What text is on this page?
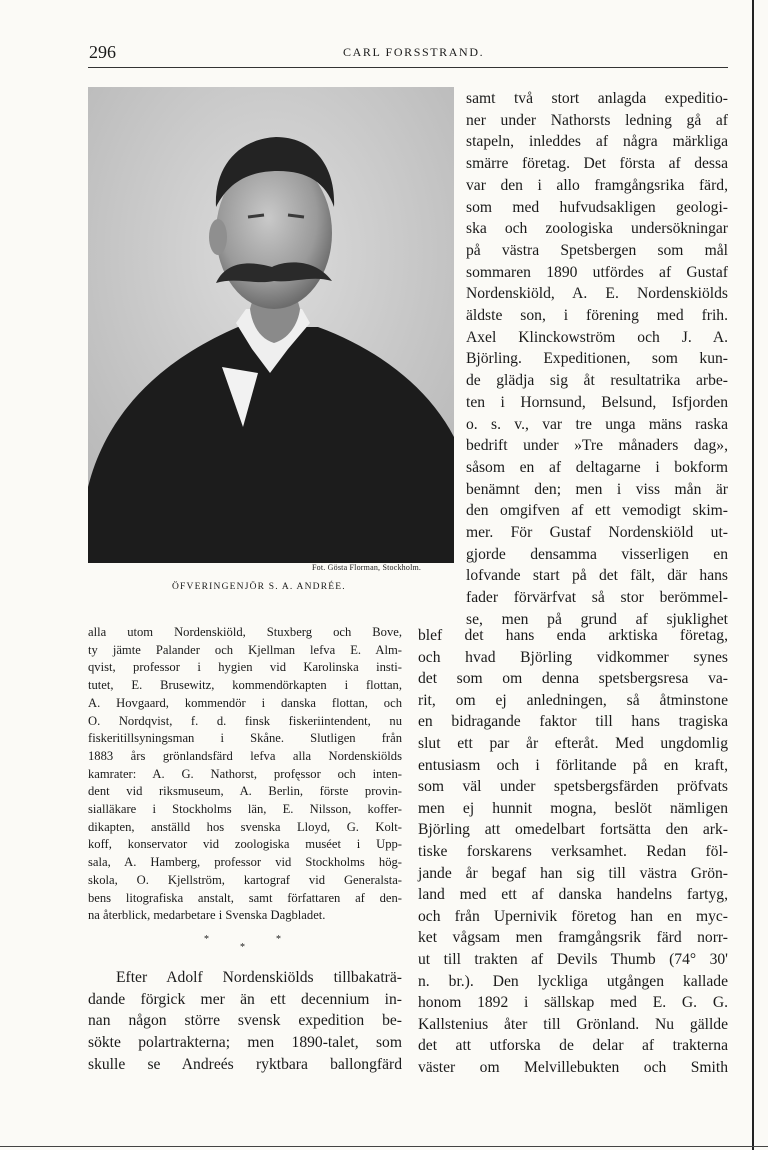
296	CARL FORSSTRAND.
Fot. Gösta Florman, Stockholm.
ÖFVERINGENJÖR S. A. ANDRÉE.
samt två stort anlagda expeditio-
ner under Nathorsts ledning gå af
stapeln, inleddes af några märkliga
smärre företag. Det första af dessa
var den i allo framgångsrika färd,
som med hufvudsakligen geologi-
ska och zoologiska undersökningar
på västra Spetsbergen som mål
sommaren 1890 utfördes af Gustaf
Nordenskiöld, A. E. Nordenskiölds
äldste son, i förening med frih.
Axel Klinckowström och J. A.
Björling. Expeditionen, som kun-
de glädja sig åt resultatrika arbe-
ten i Hornsund, Belsund, Isfjorden
o. s. v., var tre unga mäns raska
bedrift under »Tre månaders dag»,
såsom en af deltagarne i bokform
benämnt den; men i viss mån är
den omgifven af ett vemodigt skim-
mer. För Gustaf Nordenskiöld ut-
gjorde densamma visserligen en
lofvande start på det fält, där hans
fader förvärfvat så stor berömmel-
se, men på grund af sjuklighet
blef det hans enda arktiska företag,
och hvad Björling vidkommer synes
det som om denna spetsbergsresa va-
rit, om ej anledningen, så åtminstone
en bidragande faktor till hans tragiska
slut ett par år efteråt. Med ungdomlig
entusiasm och i förlitande på en kraft,
som väl under spetsbergsfärden pröfvats
men ej hunnit mogna, beslöt nämligen
Björling att omedelbart fortsätta den ark-
tiske forskarens verksamhet. Redan föl-
jande år begaf han sig till västra Grön-
land med ett af danska handelns fartyg,
och från Upernivik företog han en myc-
ket vågsam men framgångsrik färd norr-
ut till trakten af Devils Thumb (74° 30'
n. br.). Den lyckliga utgången kallade
honom 1892 i sällskap med E. G. G.
Kallstenius åter till Grönland. Nu gällde
det att utforska de delar af trakterna
väster om Melvillebukten och Smith
alla utom Nordenskiöld, Stuxberg och Bove,
ty jämte Palander och Kjellman lefva E. Alm-
qvist, professor i hygien vid Karolinska insti-
tutet, E. Brusewitz, kommendörkapten i flottan,
A. Hovgaard, kommendör i danska flottan, och
O. Nordqvist, f. d. finsk fiskeriintendent, nu
fiskeritillsyningsman i Skåne. Slutligen från
1883 års grönlandsfärd lefva alla Nordenskiölds
kamrater: A. G. Nathorst, profęssor och inten-
dent vid riksmuseum, A. Berlin, förste provin-
sialläkare i Stockholms län, E. Nilsson, koffer-
dikapten, anställd hos svenska Lloyd, G. Kolt-
koff, konservator vid zoologiska muséet i Upp-
sala, A. Hamberg, professor vid Stockholms hög-
skola, O. Kjellström, kartograf vid Generalsta-
bens litografiska anstalt, samt författaren af den-
na återblick, medarbetare i Svenska Dagbladet.
*
*
*
Efter Adolf Nordenskiölds tillbakaträ-
dande förgick mer än ett decennium in-
nan någon större svensk expedition be-
sökte polartrakterna; men 1890-talet, som
skulle se Andreés ryktbara ballongfärd
